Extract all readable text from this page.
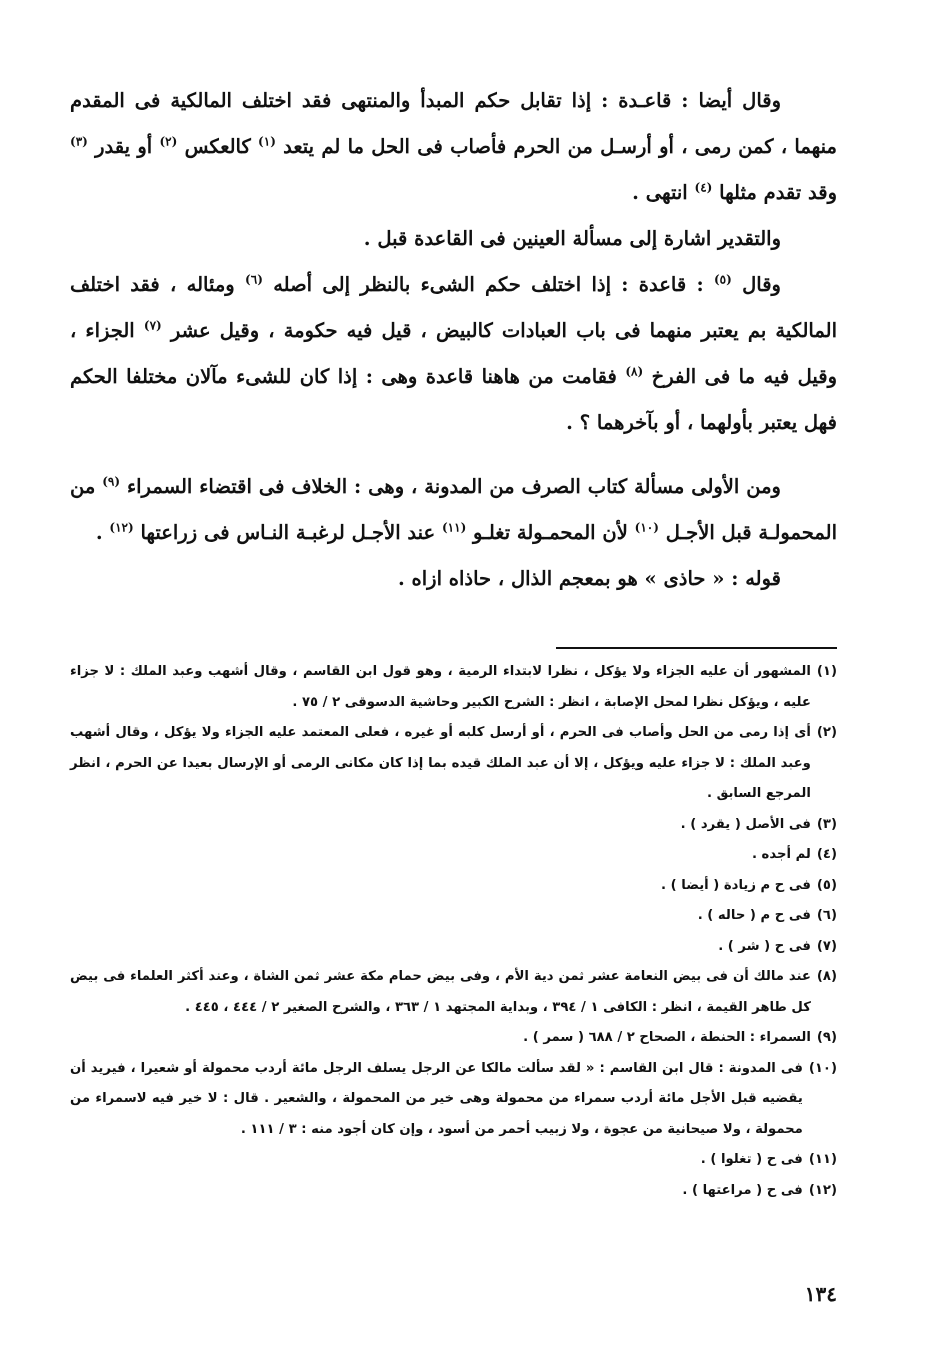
وقال أيضا : قاعـدة : إذا تقابل حكم المبدأ والمنتهى فقد اختلف المالكية فى المقدم منهما ، كمن رمى ، أو أرسـل من الحرم فأصاب فى الحل ما لم يتعد $^{(١)}$ كالعكس $^{(٢)}$ أو يقدر $^{(٣)}$ وقد تقدم مثلها $^{(٤)}$ انتهى .

والتقدير اشارة إلى مسألة العينين فى القاعدة قبل .

وقال $^{(٥)}$ : قاعدة : إذا اختلف حكم الشىء بالنظر إلى أصله $^{(٦)}$ ومئاله ، فقد اختلف المالكية بم يعتبر منهما فى باب العبادات كالبيض ، قيل فيه حكومة ، وقيل عشر $^{(٧)}$ الجزاء ، وقيل فيه ما فى الفرخ $^{(٨)}$ فقامت من هاهنا قاعدة وهى : إذا كان للشىء مآلان مختلفا الحكم فهل يعتبر بأولهما ، أو بآخرهما ؟ .

ومن الأولى مسألة كتاب الصرف من المدونة ، وهى : الخلاف فى اقتضاء السمراء $^{(٩)}$ من المحمولـة قبل الأجـل $^{(١٠)}$ لأن المحمـولة تغلـو $^{(١١)}$ عند الأجـل لرغبـة النـاس فى زراعتها $^{(١٢)}$ .

قوله : « حاذى » هو بمعجم الذال ، حاذاه ازاه .

(١)
المشهور أن عليه الجزاء ولا يؤكل ، نظرا لابتداء الرمية ، وهو قول ابن القاسم ، وقال أشهب وعبد الملك : لا جزاء عليه ، ويؤكل نظرا لمحل الإصابة ، انظر : الشرح الكبير وحاشية الدسوقى ٢ / ٧٥ .
(٢)
أى إذا رمى من الحل وأصاب فى الحرم ، أو أرسل كلبه أو غيره ، فعلى المعتمد عليه الجزاء ولا يؤكل ، وقال أشهب وعبد الملك : لا جزاء عليه ويؤكل ، إلا أن عبد الملك قيده بما إذا كان مكانى الرمى أو الإرسال بعيدا عن الحرم ، انظر المرجع السابق .
(٣)
فى الأصل ( يقرد ) .
(٤)
لم أجده .
(٥)
فى ح م زيادة ( أيضا ) .
(٦)
فى ح م ( حاله ) .
(٧)
فى ح ( شر ) .
(٨)
عند مالك أن فى بيض النعامة عشر ثمن دية الأم ، وفى بيض حمام مكة عشر ثمن الشاة ، وعند أكثر العلماء فى بيض كل طاهر القيمة ، انظر : الكافى ١ / ٣٩٤ ، وبداية المجتهد ١ / ٣٦٣ ، والشرح الصغير ٢ / ٤٤٤ ، ٤٤٥ .
(٩)
السمراء : الحنطة ، الصحاح ٢ / ٦٨٨ ( سمر ) .
(١٠)
فى المدونة : قال ابن القاسم : « لقد سألت مالكا عن الرجل يسلف الرجل مائة أردب محمولة أو شعيرا ، فيريد أن يقضيه قبل الأجل مائة أردب سمراء من محمولة وهى خير من المحمولة ، والشعير . قال : لا خير فيه لاسمراء من محمولة ، ولا صيحانية من عجوة ، ولا زبيب أحمر من أسود ، وإن كان أجود منه : ٣ / ١١١ .
(١١)
فى ح ( تغلوا ) .
(١٢)
فى ح ( مراعتها ) .
١٣٤
